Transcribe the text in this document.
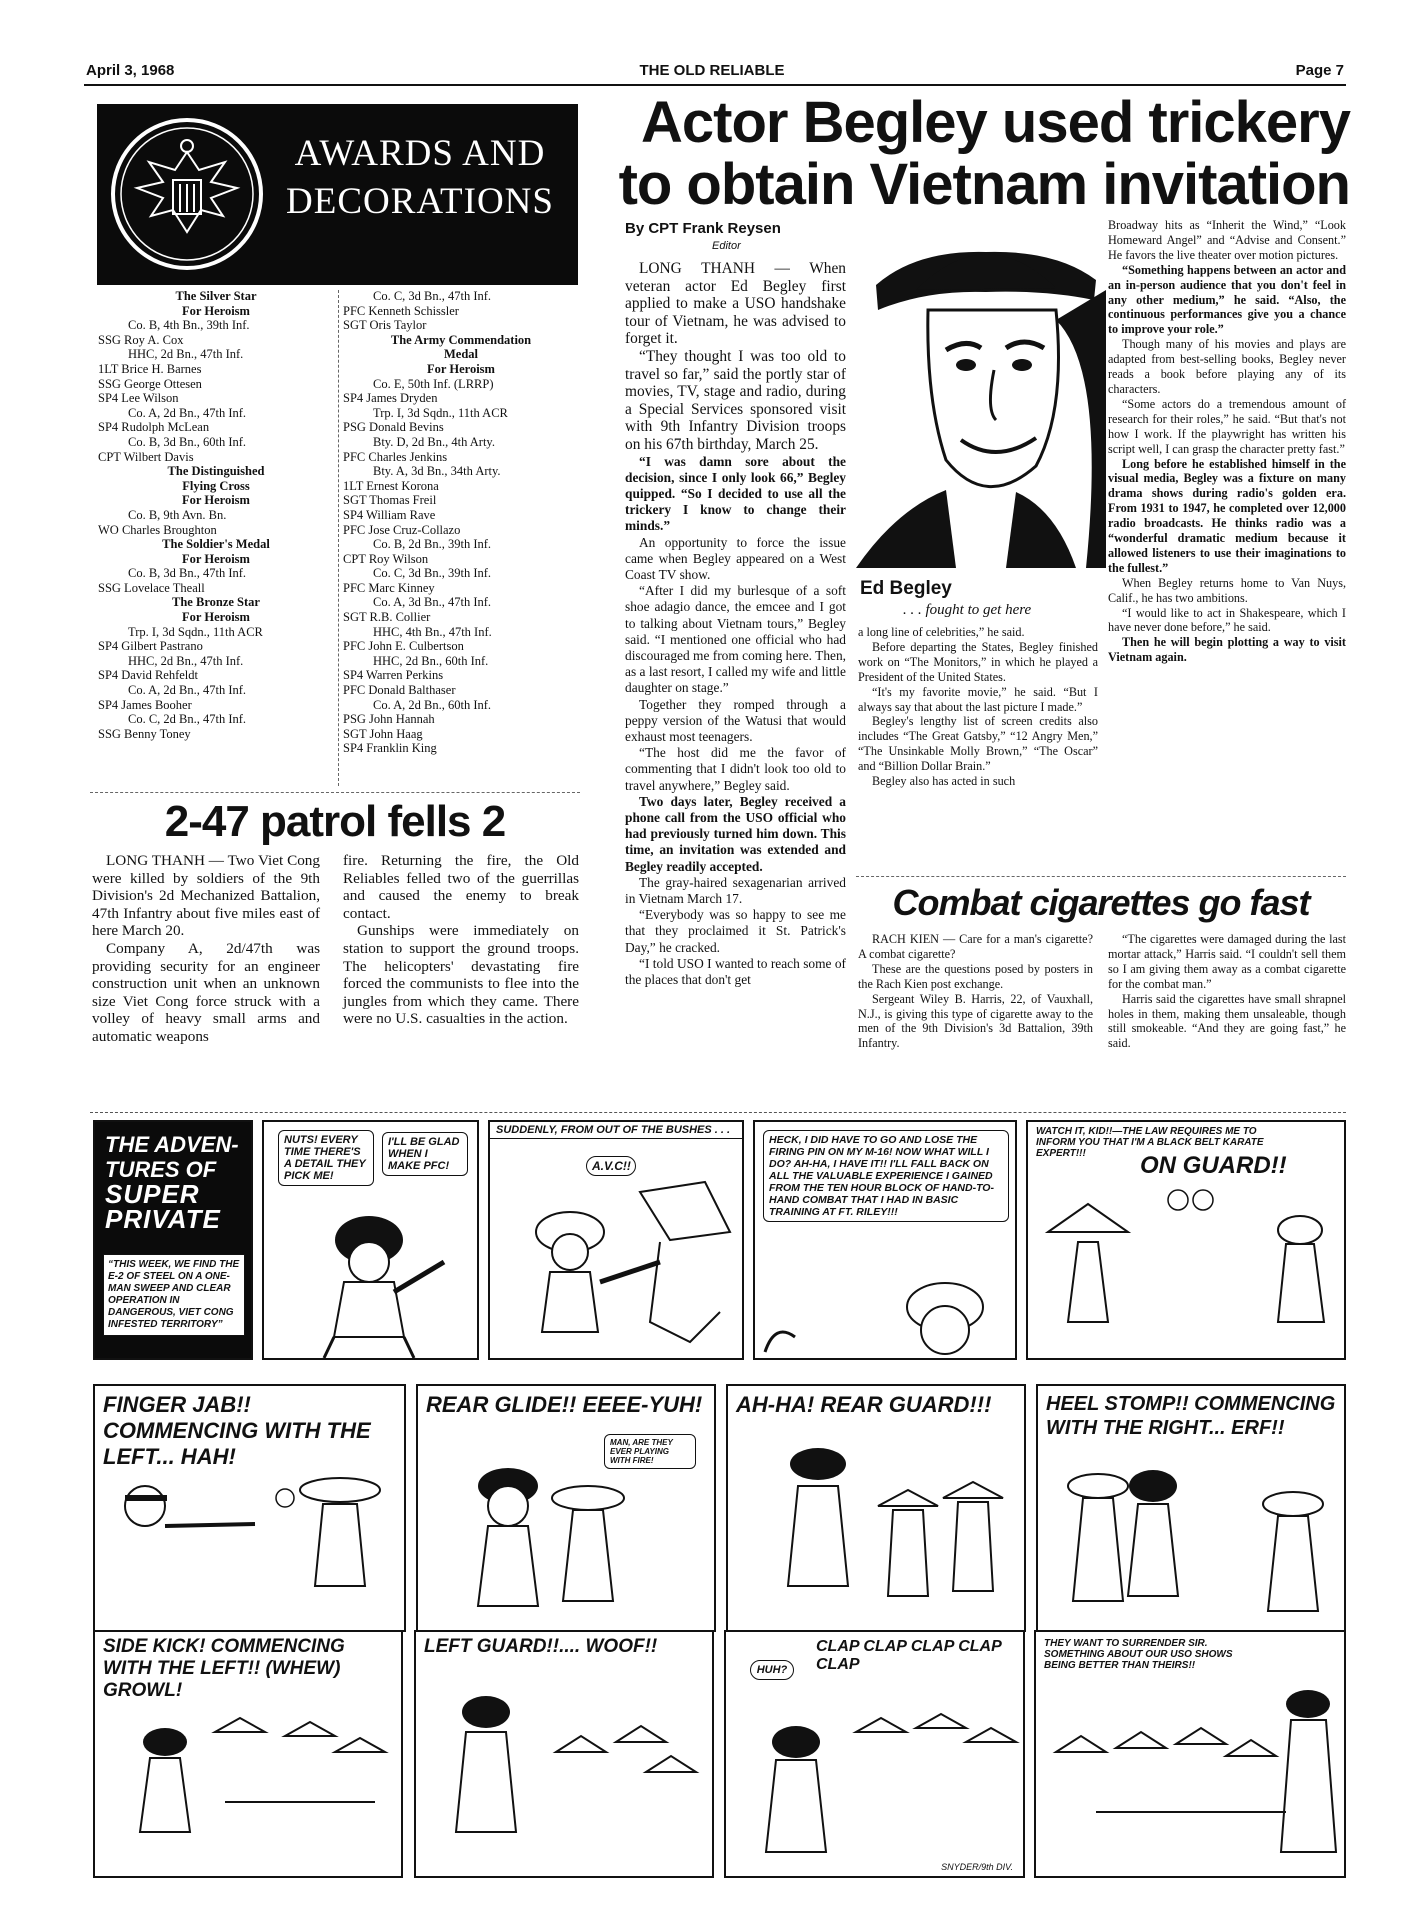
April 3, 1968	THE OLD RELIABLE	Page 7
AWARDS AND
DECORATIONS
The Silver Star
For Heroism
Co. B, 4th Bn., 39th Inf.
SSG Roy A. Cox
HHC, 2d Bn., 47th Inf.
1LT Brice H. Barnes
SSG George Ottesen
SP4 Lee Wilson
Co. A, 2d Bn., 47th Inf.
SP4 Rudolph McLean
Co. B, 3d Bn., 60th Inf.
CPT Wilbert Davis
The Distinguished
Flying Cross
For Heroism
Co. B, 9th Avn. Bn.
WO Charles Broughton
The Soldier's Medal
For Heroism
Co. B, 3d Bn., 47th Inf.
SSG Lovelace Theall
The Bronze Star
For Heroism
Trp. I, 3d Sqdn., 11th ACR
SP4 Gilbert Pastrano
HHC, 2d Bn., 47th Inf.
SP4 David Rehfeldt
Co. A, 2d Bn., 47th Inf.
SP4 James Booher
Co. C, 2d Bn., 47th Inf.
SSG Benny Toney
Co. C, 3d Bn., 47th Inf.
PFC Kenneth Schissler
SGT Oris Taylor
The Army Commendation
Medal
For Heroism
Co. E, 50th Inf. (LRRP)
SP4 James Dryden
Trp. I, 3d Sqdn., 11th ACR
PSG Donald Bevins
Bty. D, 2d Bn., 4th Arty.
PFC Charles Jenkins
Bty. A, 3d Bn., 34th Arty.
1LT Ernest Korona
SGT Thomas Freil
SP4 William Rave
PFC Jose Cruz-Collazo
Co. B, 2d Bn., 39th Inf.
CPT Roy Wilson
Co. C, 3d Bn., 39th Inf.
PFC Marc Kinney
Co. A, 3d Bn., 47th Inf.
SGT R.B. Collier
HHC, 4th Bn., 47th Inf.
PFC John E. Culbertson
HHC, 2d Bn., 60th Inf.
SP4 Warren Perkins
PFC Donald Balthaser
Co. A, 2d Bn., 60th Inf.
PSG John Hannah
SGT John Haag
SP4 Franklin King
Actor Begley used trickery
to obtain Vietnam invitation
By CPT Frank Reysen
Editor

LONG THANH — When veteran actor Ed Begley first applied to make a USO handshake tour of Vietnam, he was advised to forget it.

“They thought I was too old to travel so far,” said the portly star of movies, TV, stage and radio, during a Special Services sponsored visit with 9th Infantry Division troops on his 67th birthday, March 25.

“I was damn sore about the decision, since I only look 66,” Begley quipped. “So I decided to use all the trickery I know to change their minds.”

An opportunity to force the issue came when Begley appeared on a West Coast TV show.

“After I did my burlesque of a soft shoe adagio dance, the emcee and I got to talking about Vietnam tours,” Begley said. “I mentioned one official who had discouraged me from coming here. Then, as a last resort, I called my wife and little daughter on stage.”

Together they romped through a peppy version of the Watusi that would exhaust most teenagers.

“The host did me the favor of commenting that I didn't look too old to travel anywhere,” Begley said.

Two days later, Begley received a phone call from the USO official who had previously turned him down. This time, an invitation was extended and Begley readily accepted.

The gray-haired sexagenarian arrived in Vietnam March 17.

“Everybody was so happy to see me that they proclaimed it St. Patrick's Day,” he cracked.

“I told USO I wanted to reach some of the places that don't get

Ed Begley
. . . fought to get here

a long line of celebrities,” he said.

Before departing the States, Begley finished work on “The Monitors,” in which he played a President of the United States.

“It's my favorite movie,” he said. “But I always say that about the last picture I made.”

Begley's lengthy list of screen credits also includes “The Great Gatsby,” “12 Angry Men,” “The Unsinkable Molly Brown,” “The Oscar” and “Billion Dollar Brain.”

Begley also has acted in such

Broadway hits as “Inherit the Wind,” “Look Homeward Angel” and “Advise and Consent.” He favors the live theater over motion pictures.

“Something happens between an actor and an in-person audience that you don't feel in any other medium,” he said. “Also, the continuous performances give you a chance to improve your role.”

Though many of his movies and plays are adapted from best-selling books, Begley never reads a book before playing any of its characters.

“Some actors do a tremendous amount of research for their roles,” he said. “But that's not how I work. If the playwright has written his script well, I can grasp the character pretty fast.”

Long before he established himself in the visual media, Begley was a fixture on many drama shows during radio's golden era. From 1931 to 1947, he completed over 12,000 radio broadcasts. He thinks radio was a “wonderful dramatic medium because it allowed listeners to use their imaginations to the fullest.”

When Begley returns home to Van Nuys, Calif., he has two ambitions.

“I would like to act in Shakespeare, which I have never done before,” he said.

Then he will begin plotting a way to visit Vietnam again.

2-47 patrol fells 2

LONG THANH — Two Viet Cong were killed by soldiers of the 9th Division's 2d Mechanized Battalion, 47th Infantry about five miles east of here March 20.

Company A, 2d/47th was providing security for an engineer construction unit when an unknown size Viet Cong force struck with a volley of heavy small arms and automatic weapons

fire. Returning the fire, the Old Reliables felled two of the guerrillas and caused the enemy to break contact.

Gunships were immediately on station to support the ground troops. The helicopters' devastating fire forced the communists to flee into the jungles from which they came. There were no U.S. casualties in the action.

Combat cigarettes go fast

RACH KIEN — Care for a man's cigarette? A combat cigarette?

These are the questions posed by posters in the Rach Kien post exchange.

Sergeant Wiley B. Harris, 22, of Vauxhall, N.J., is giving this type of cigarette away to the men of the 9th Division's 3d Battalion, 39th Infantry.

“The cigarettes were damaged during the last mortar attack,” Harris said. “I couldn't sell them so I am giving them away as a combat cigarette for the combat man.”

Harris said the cigarettes have small shrapnel holes in them, making them unsaleable, though still smokeable. “And they are going fast,” he said.

THE ADVEN-
TURES OF
SUPER
PRIVATE
“THIS WEEK, WE FIND THE E-2 OF STEEL ON A ONE-MAN SWEEP AND CLEAR OPERATION IN DANGEROUS, VIET CONG INFESTED TERRITORY”
NUTS! EVERY TIME THERE'S A DETAIL THEY PICK ME!
I'LL BE GLAD WHEN I MAKE PFC!
SUDDENLY, FROM OUT OF THE BUSHES . . .
A.V.C!!
HECK, I DID HAVE TO GO AND LOSE THE FIRING PIN ON MY M-16! NOW WHAT WILL I DO? AH-HA, I HAVE IT!! I'LL FALL BACK ON ALL THE VALUABLE EXPERIENCE I GAINED FROM THE TEN HOUR BLOCK OF HAND-TO-HAND COMBAT THAT I HAD IN BASIC TRAINING AT FT. RILEY!!!
WATCH IT, KID!!—THE LAW REQUIRES ME TO INFORM YOU THAT I'M A BLACK BELT KARATE EXPERT!!!	ON GUARD!!
FINGER JAB!! COMMENCING WITH THE LEFT... HAH!
REAR GLIDE!! EEEE-YUH!
MAN, ARE THEY EVER PLAYING WITH FIRE!
AH-HA! REAR GUARD!!!	HEEL STOMP!! COMMENCING WITH THE RIGHT... ERF!!
SIDE KICK! COMMENCING WITH THE LEFT!! (WHEW) GROWL!
LEFT GUARD!!.... WOOF!!	CLAP CLAP CLAP CLAP CLAP
HUH?
SNYDER/9th DIV.
THEY WANT TO SURRENDER SIR. SOMETHING ABOUT OUR USO SHOWS BEING BETTER THAN THEIRS!!
